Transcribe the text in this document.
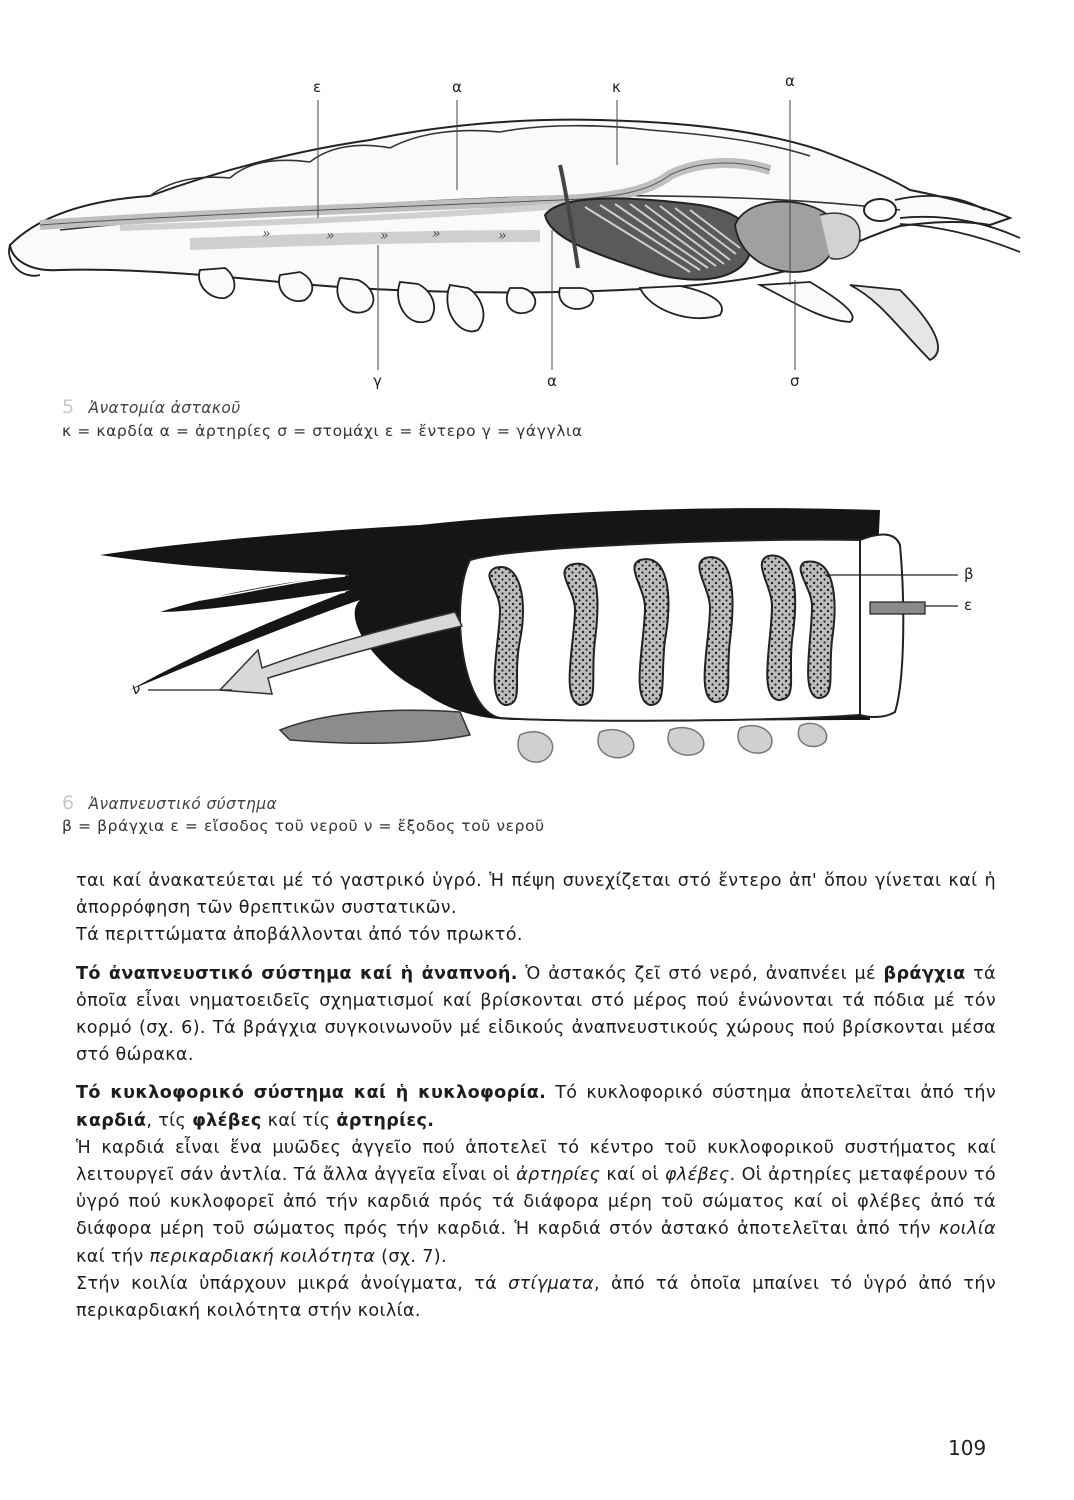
»	»	»	»	»
ε	α	κ	α
γ	α	σ
5 Ἀνατομία ἀστακοῦ
κ = καρδία α = ἀρτηρίες σ = στομάχι ε = ἔντερο γ = γάγγλια
β
ε
ν
6 Ἀναπνευστικό σύστημα
β = βράγχια ε = εἴσοδος τοῦ νεροῦ ν = ἔξοδος τοῦ νεροῦ

ται καί ἀνακατεύεται μέ τό γαστρικό ὑγρό. Ἡ πέψη συνεχίζεται στό ἔντερο ἀπ' ὅπου γίνεται καί ἡ ἀπορρόφηση τῶν θρεπτικῶν συστατικῶν.

Τά περιττώματα ἀποβάλλονται ἀπό τόν πρωκτό.

Τό ἀναπνευστικό σύστημα καί ἡ ἀναπνοή. Ὁ ἀστακός ζεῖ στό νερό, ἀναπνέει μέ βράγχια τά ὁποῖα εἶναι νηματοειδεῖς σχηματισμοί καί βρίσκονται στό μέρος πού ἑνώνονται τά πόδια μέ τόν κορμό (σχ. 6). Τά βράγχια συγκοινωνοῦν μέ εἰδικούς ἀναπνευστικούς χώρους πού βρίσκονται μέσα στό θώρακα.

Τό κυκλοφορικό σύστημα καί ἡ κυκλοφορία. Τό κυκλοφορικό σύστημα ἀποτελεῖται ἀπό τήν καρδιά, τίς φλέβες καί τίς ἀρτηρίες.

Ἡ καρδιά εἶναι ἕνα μυῶδες ἀγγεῖο πού ἀποτελεῖ τό κέντρο τοῦ κυκλοφορικοῦ συστήματος καί λειτουργεῖ σάν ἀντλία. Τά ἄλλα ἀγγεῖα εἶναι οἱ ἀρτηρίες καί οἱ φλέβες. Οἱ ἀρτηρίες μεταφέρουν τό ὑγρό πού κυκλοφορεῖ ἀπό τήν καρδιά πρός τά διάφορα μέρη τοῦ σώματος καί οἱ φλέβες ἀπό τά διάφορα μέρη τοῦ σώματος πρός τήν καρδιά. Ἡ καρδιά στόν ἀστακό ἀποτελεῖται ἀπό τήν κοιλία καί τήν περικαρδιακή κοιλότητα (σχ. 7).

Στήν κοιλία ὑπάρχουν μικρά ἀνοίγματα, τά στίγματα, ἀπό τά ὁποῖα μπαίνει τό ὑγρό ἀπό τήν περικαρδιακή κοιλότητα στήν κοιλία.

109
